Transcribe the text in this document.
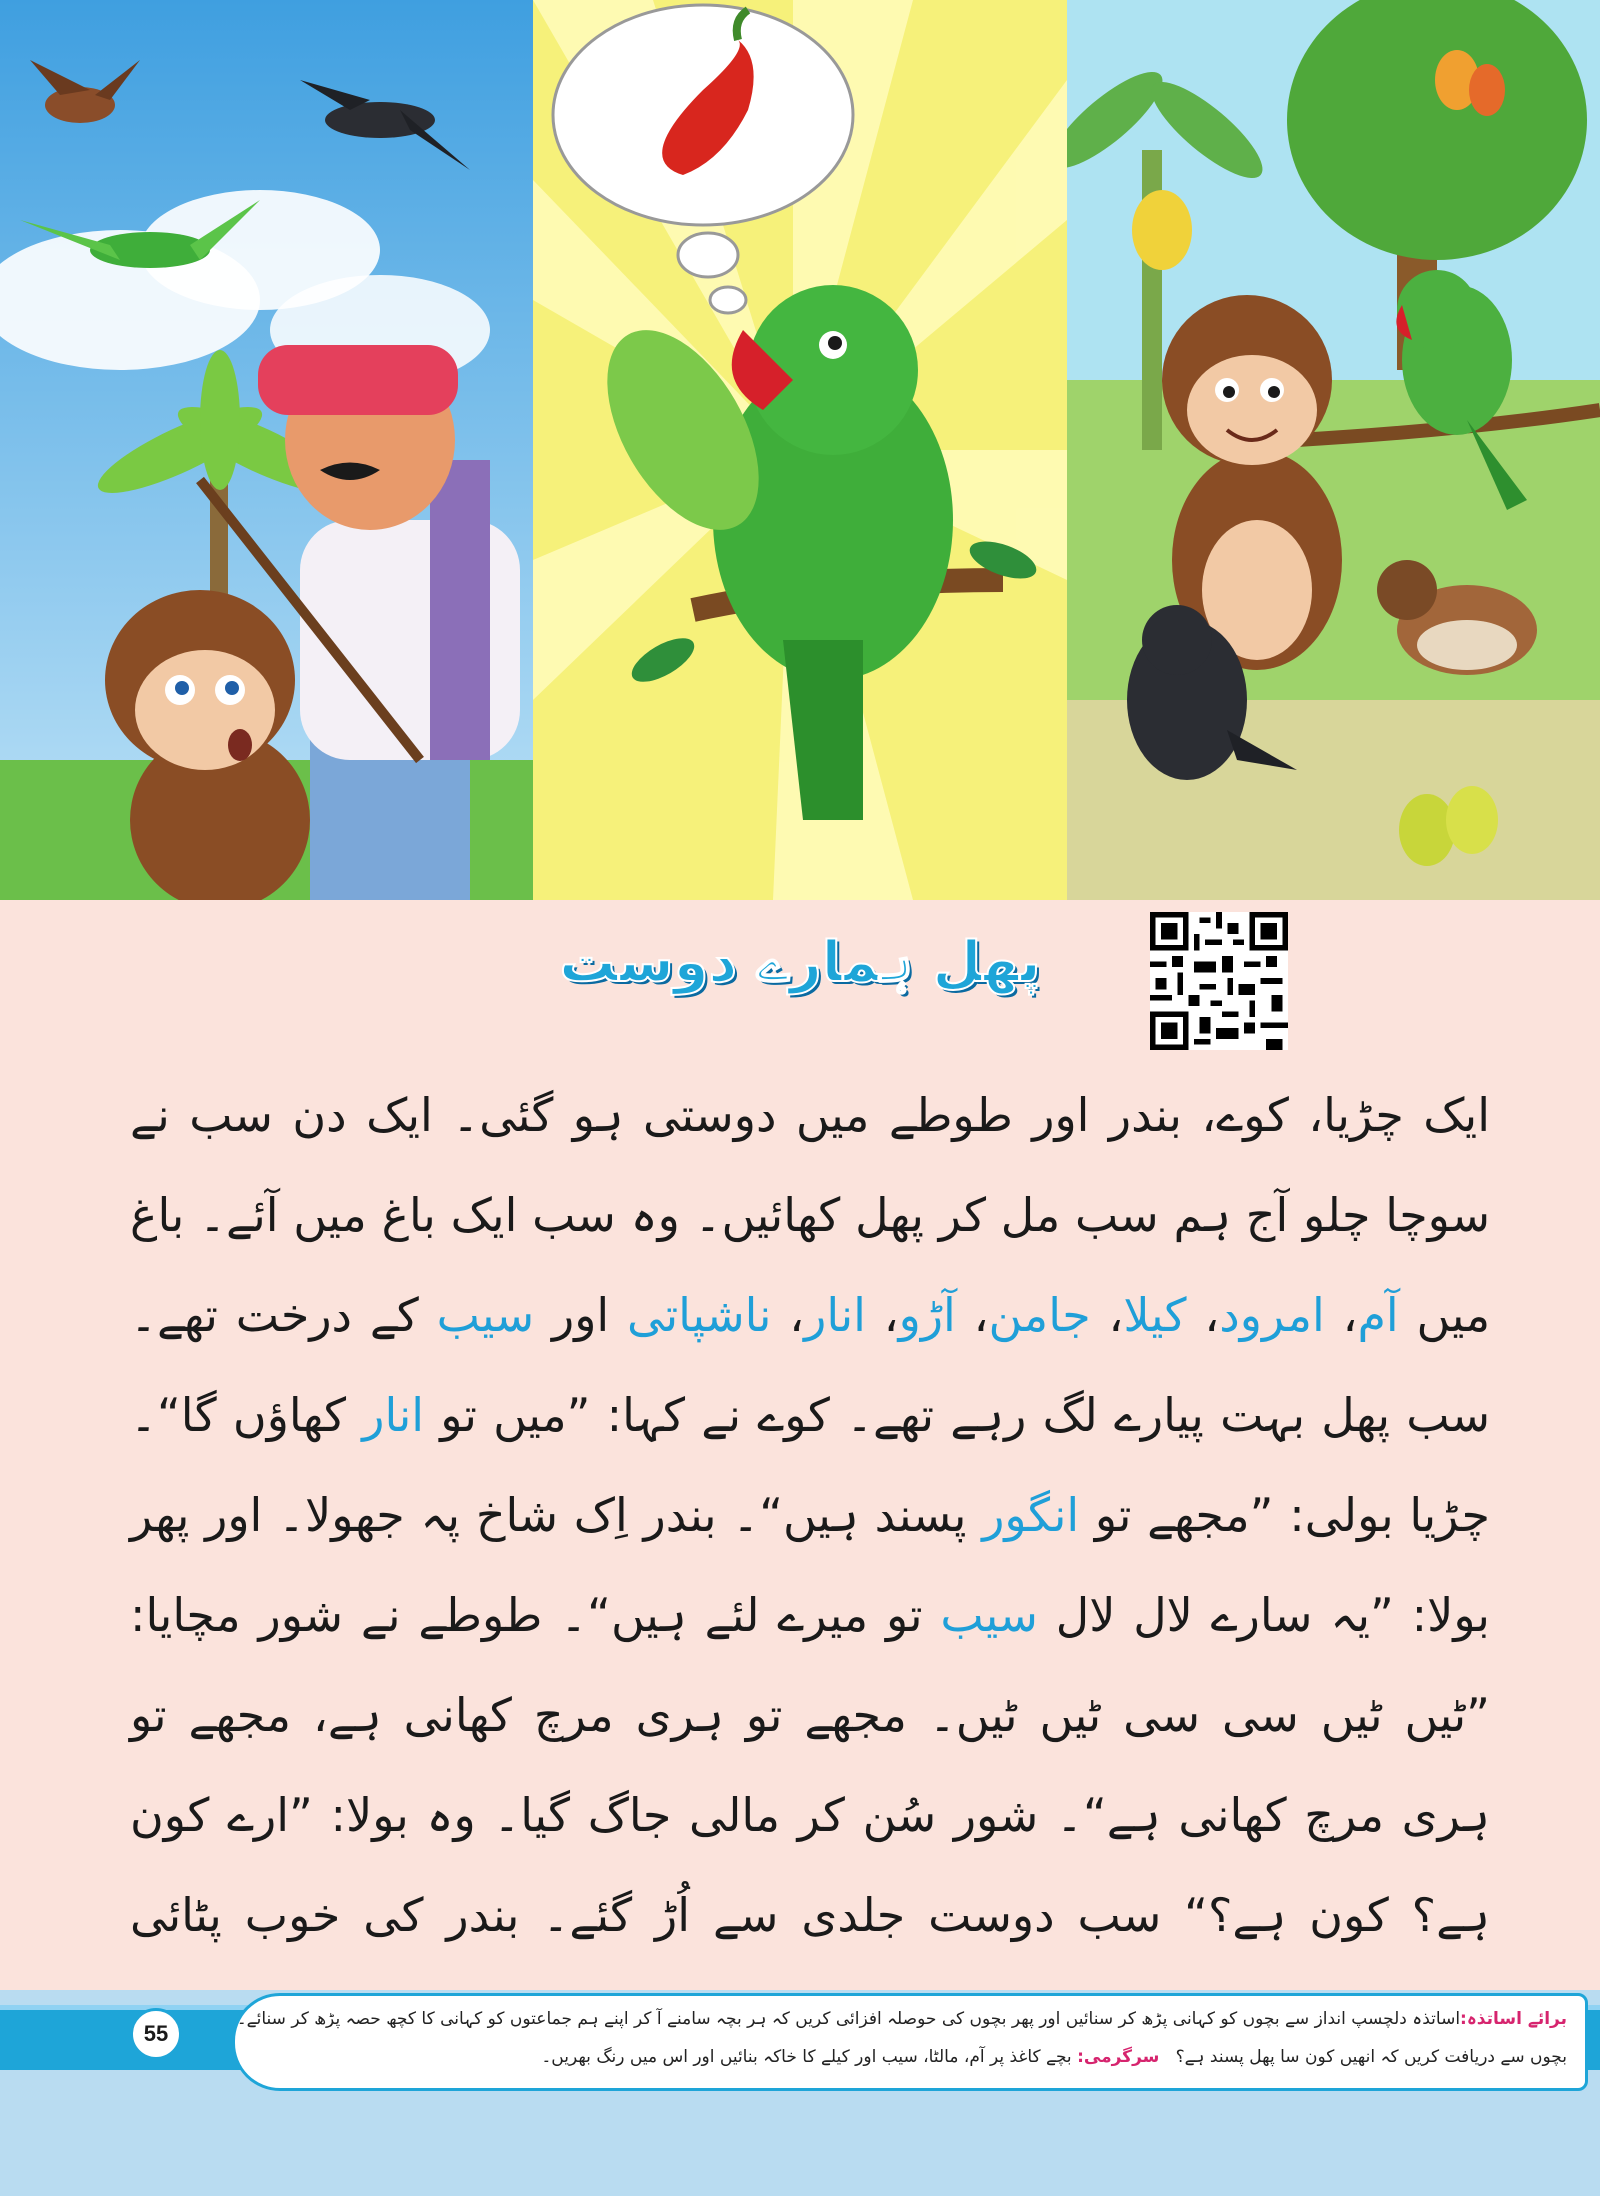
پھل ہمارے دوست
ایک چڑیا، کوے، بندر اور طوطے میں دوستی ہو گئی۔ ایک دن سب نے سوچا چلو آج ہم سب مل کر پھل کھائیں۔ وہ سب ایک باغ میں آئے۔ باغ میں آم، امرود، کیلا، جامن، آڑو، انار، ناشپاتی اور سیب کے درخت تھے۔ سب پھل بہت پیارے لگ رہے تھے۔ کوے نے کہا: ”میں تو انار کھاؤں گا“۔ چڑیا بولی: ”مجھے تو انگور پسند ہیں“۔ بندر اِک شاخ پہ جھولا۔ اور پھر بولا: ”یہ سارے لال لال سیب تو میرے لئے ہیں“۔ طوطے نے شور مچایا: ”ٹیں ٹیں سی سی ٹیں ٹیں۔ مجھے تو ہری مرچ کھانی ہے، مجھے تو ہری مرچ کھانی ہے“۔ شور سُن کر مالی جاگ گیا۔ وہ بولا: ”ارے کون ہے؟ کون ہے؟“ سب دوست جلدی سے اُڑ گئے۔ بندر کی خوب پٹائی
55
برائے اساتذہ:اساتذہ دلچسپ انداز سے بچوں کو کہانی پڑھ کر سنائیں اور پھر بچوں کی حوصلہ افزائی کریں کہ ہر بچہ سامنے آ کر اپنے ہم جماعتوں کو کہانی کا کچھ حصہ پڑھ کر سنائے۔
بچوں سے دریافت کریں کہ انھیں کون سا پھل پسند ہے؟   سرگرمی: بچے کاغذ پر آم، مالٹا، سیب اور کیلے کا خاکہ بنائیں اور اس میں رنگ بھریں۔
